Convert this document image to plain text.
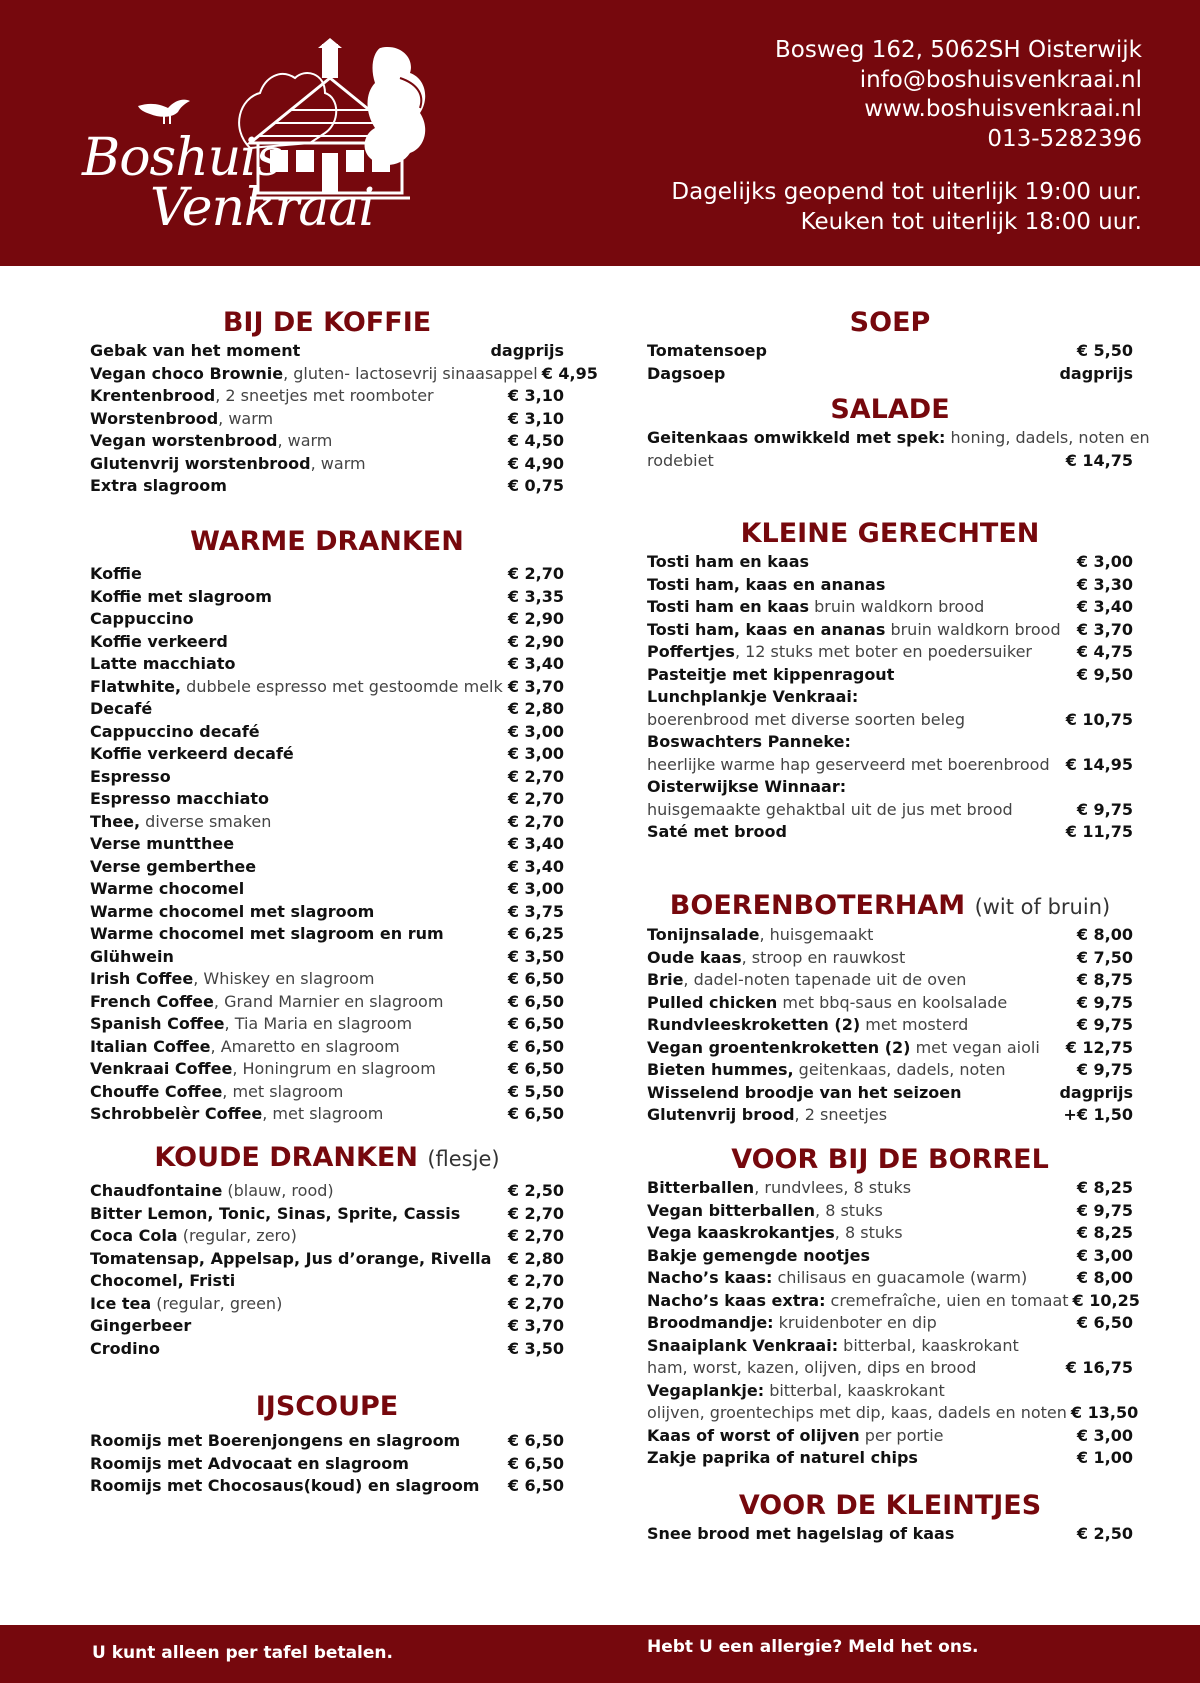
Boshuis
Venkraai
Bosweg 162, 5062SH Oisterwijk
info@boshuisvenkraai.nl
www.boshuisvenkraai.nl
013-5282396
Dagelijks geopend tot uiterlijk 19:00 uur.
Keuken tot uiterlijk 18:00 uur.
BIJ DE KOFFIE
Gebak van het moment	dagprijs
Vegan choco Brownie, gluten- lactosevrij sinaasappel € 4,95
Krentenbrood, 2 sneetjes met roomboter	€ 3,10
Worstenbrood, warm	€ 3,10
Vegan worstenbrood, warm	€ 4,50
Glutenvrij worstenbrood, warm	€ 4,90
Extra slagroom	€ 0,75
WARME DRANKEN
Koffie	€ 2,70
Koffie met slagroom	€ 3,35
Cappuccino	€ 2,90
Koffie verkeerd	€ 2,90
Latte macchiato	€ 3,40
Flatwhite, dubbele espresso met gestoomde melk € 3,70
Decafé	€ 2,80
Cappuccino decafé	€ 3,00
Koffie verkeerd decafé	€ 3,00
Espresso	€ 2,70
Espresso macchiato	€ 2,70
Thee, diverse smaken	€ 2,70
Verse muntthee	€ 3,40
Verse gemberthee	€ 3,40
Warme chocomel	€ 3,00
Warme chocomel met slagroom	€ 3,75
Warme chocomel met slagroom en rum	€ 6,25
Glühwein	€ 3,50
Irish Coffee, Whiskey en slagroom	€ 6,50
French Coffee, Grand Marnier en slagroom	€ 6,50
Spanish Coffee, Tia Maria en slagroom	€ 6,50
Italian Coffee, Amaretto en slagroom	€ 6,50
Venkraai Coffee, Honingrum en slagroom	€ 6,50
Chouffe Coffee, met slagroom	€ 5,50
Schrobbelèr Coffee, met slagroom	€ 6,50
KOUDE DRANKEN (flesje)
Chaudfontaine (blauw, rood)	€ 2,50
Bitter Lemon, Tonic, Sinas, Sprite, Cassis	€ 2,70
Coca Cola (regular, zero)	€ 2,70
Tomatensap, Appelsap, Jus d’orange, Rivella € 2,80
Chocomel, Fristi	€ 2,70
Ice tea (regular, green)	€ 2,70
Gingerbeer	€ 3,70
Crodino	€ 3,50
IJSCOUPE
Roomijs met Boerenjongens en slagroom	€ 6,50
Roomijs met Advocaat en slagroom	€ 6,50
Roomijs met Chocosaus(koud) en slagroom € 6,50
SOEP
Tomatensoep	€ 5,50
Dagsoep	dagprijs
SALADE
Geitenkaas omwikkeld met spek: honing, dadels, noten en
rodebiet	€ 14,75
KLEINE GERECHTEN
Tosti ham en kaas	€ 3,00
Tosti ham, kaas en ananas	€ 3,30
Tosti ham en kaas bruin waldkorn brood	€ 3,40
Tosti ham, kaas en ananas bruin waldkorn brood € 3,70
Poffertjes, 12 stuks met boter en poedersuiker	€ 4,75
Pasteitje met kippenragout	€ 9,50
Lunchplankje Venkraai:
boerenbrood met diverse soorten beleg	€ 10,75
Boswachters Panneke:
heerlijke warme hap geserveerd met boerenbrood € 14,95
Oisterwijkse Winnaar:
huisgemaakte gehaktbal uit de jus met brood	€ 9,75
Saté met brood	€ 11,75
BOERENBOTERHAM (wit of bruin)
Tonijnsalade, huisgemaakt	€ 8,00
Oude kaas, stroop en rauwkost	€ 7,50
Brie, dadel-noten tapenade uit de oven	€ 8,75
Pulled chicken met bbq-saus en koolsalade	€ 9,75
Rundvleeskroketten (2) met mosterd	€ 9,75
Vegan groentenkroketten (2) met vegan aioli € 12,75
Bieten hummes, geitenkaas, dadels, noten	€ 9,75
Wisselend broodje van het seizoen	dagprijs
Glutenvrij brood, 2 sneetjes	+€ 1,50
VOOR BIJ DE BORREL
Bitterballen, rundvlees, 8 stuks	€ 8,25
Vegan bitterballen, 8 stuks	€ 9,75
Vega kaaskrokantjes, 8 stuks	€ 8,25
Bakje gemengde nootjes	€ 3,00
Nacho’s kaas: chilisaus en guacamole (warm)	€ 8,00
Nacho’s kaas extra: cremefraîche, uien en tomaat € 10,25
Broodmandje: kruidenboter en dip	€ 6,50
Snaaiplank Venkraai: bitterbal, kaaskrokant
ham, worst, kazen, olijven, dips en brood	€ 16,75
Vegaplankje: bitterbal, kaaskrokant
olijven, groentechips met dip, kaas, dadels en noten € 13,50
Kaas of worst of olijven per portie	€ 3,00
Zakje paprika of naturel chips	€ 1,00
VOOR DE KLEINTJES
Snee brood met hagelslag of kaas	€ 2,50
U kunt alleen per tafel betalen.	Hebt U een allergie? Meld het ons.
